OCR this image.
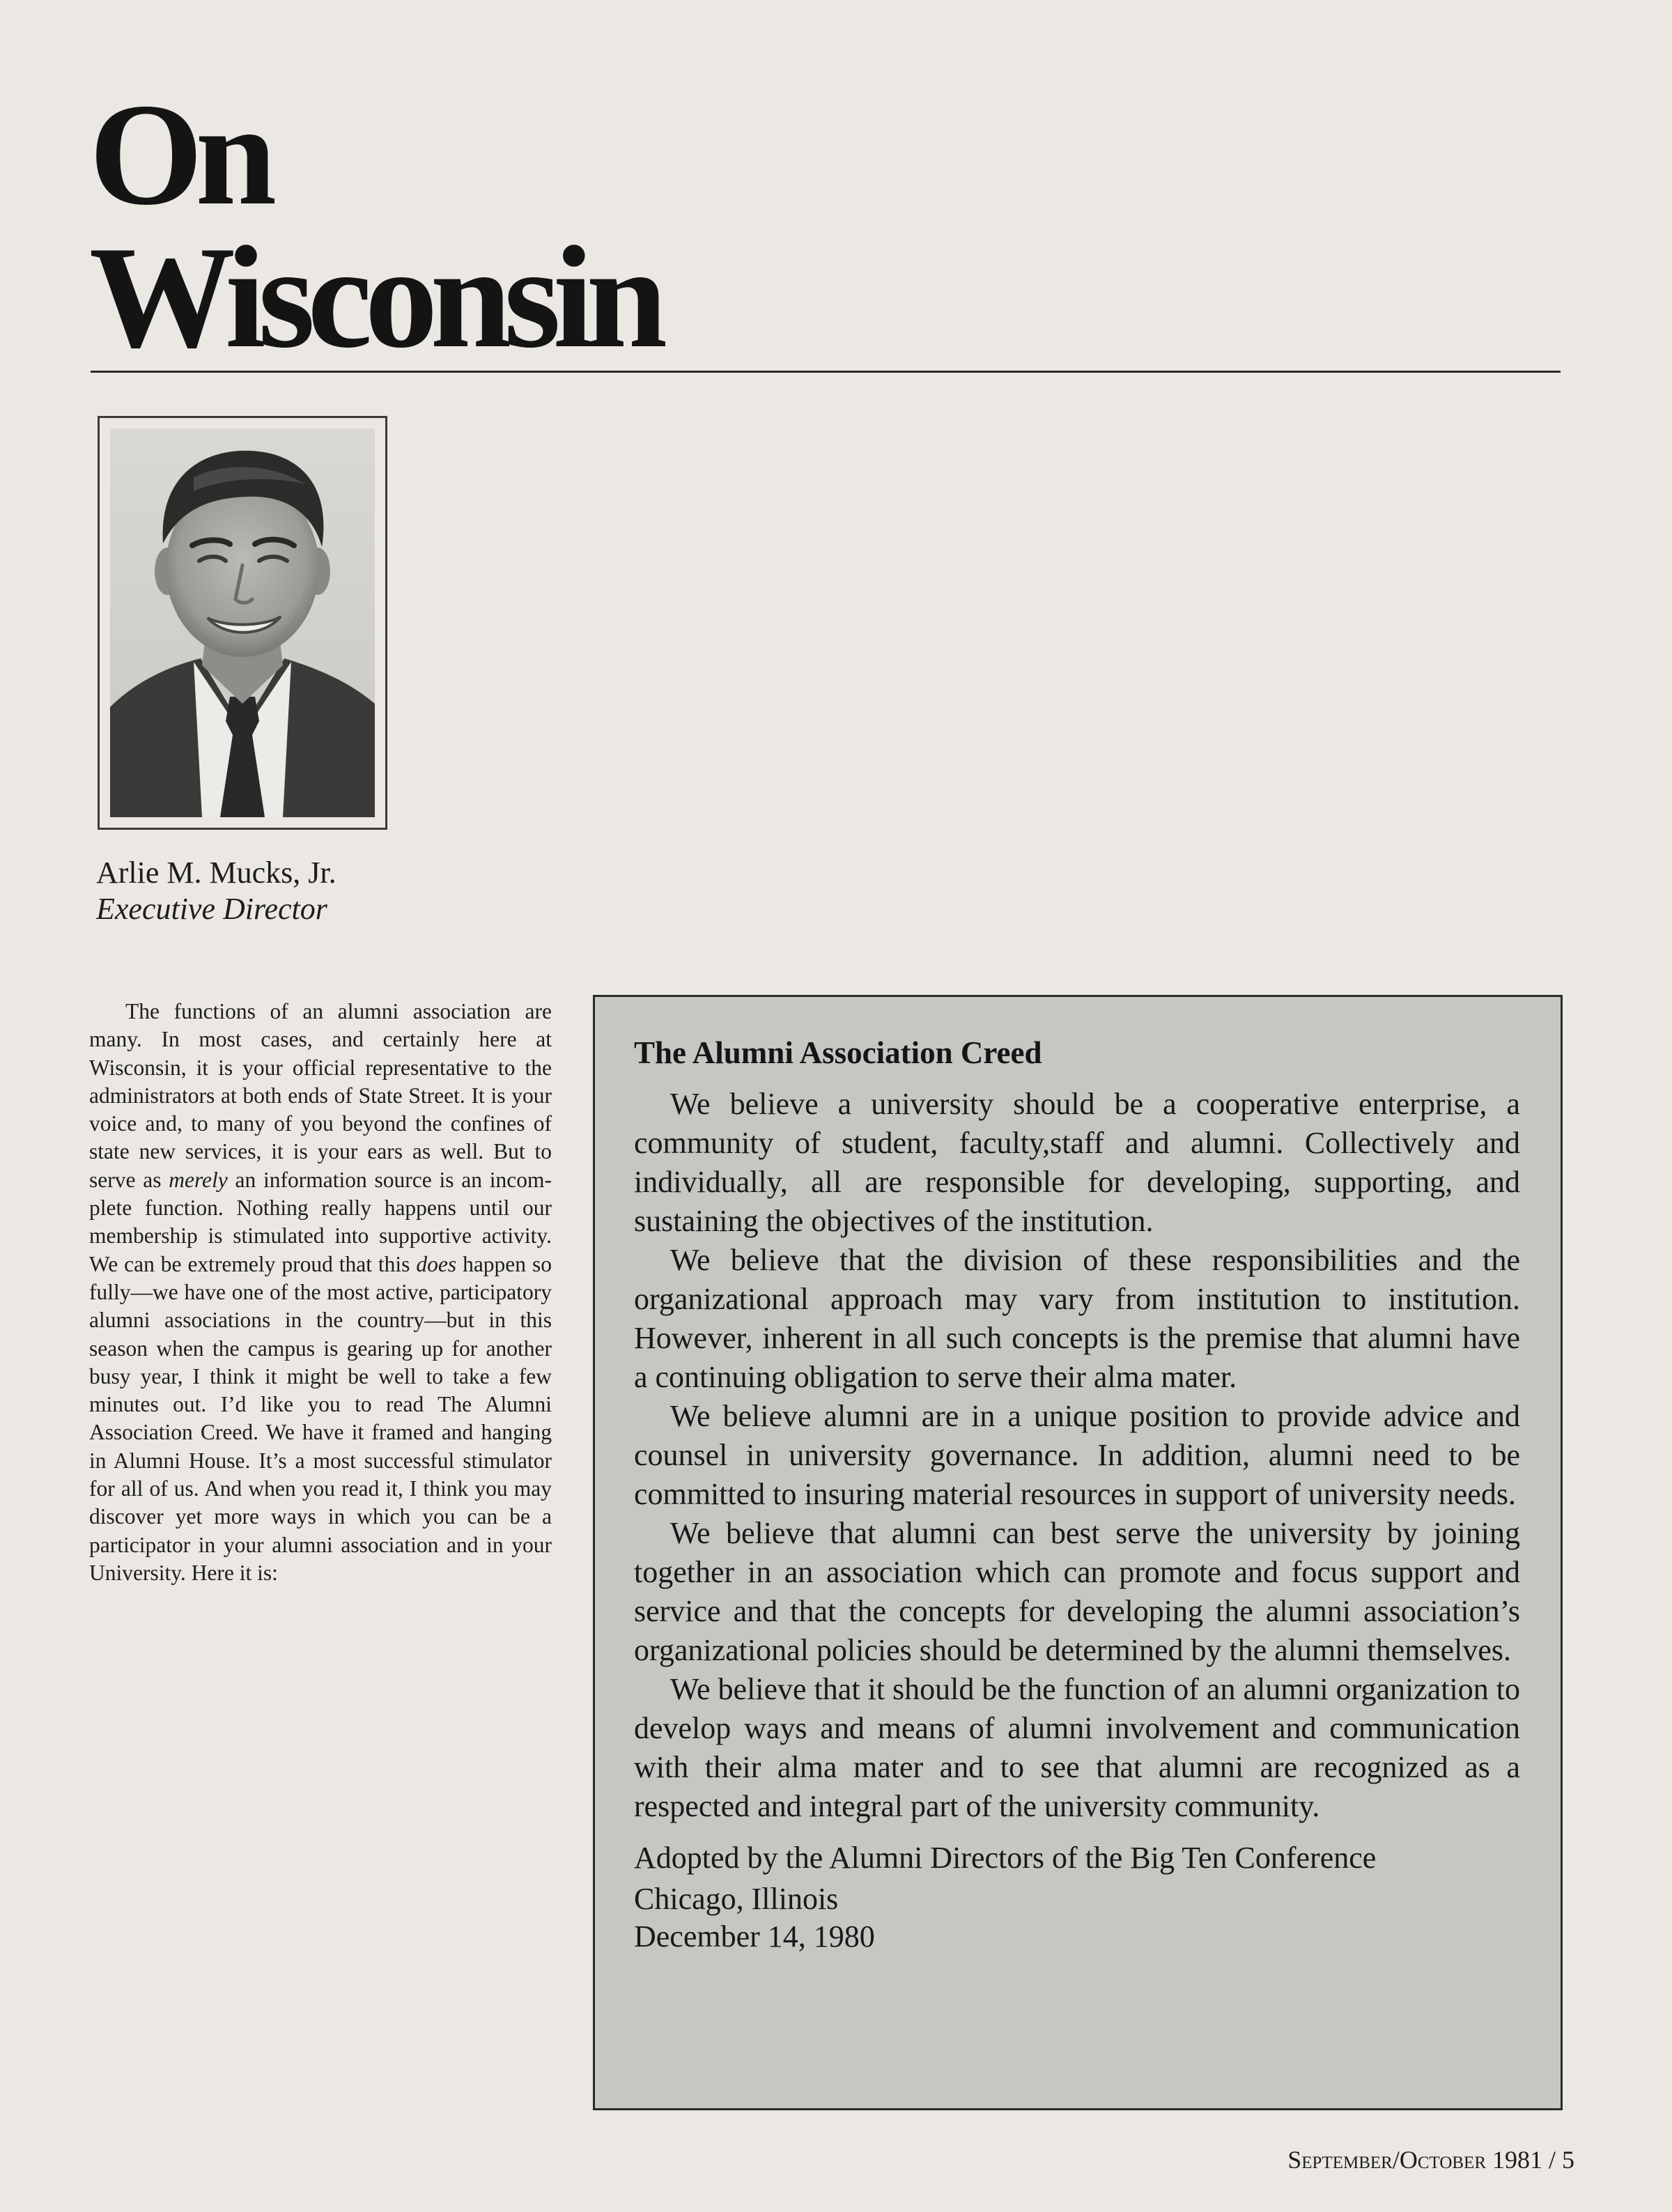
On
Wisconsin
Arlie M. Mucks, Jr.
Executive Director

The functions of an alumni association are many. In most cases, and certainly here at Wisconsin, it is your official representative to the administrators at both ends of State Street. It is your voice and, to many of you beyond the confines of state new services, it is your ears as well. But to serve as merely an information source is an incomplete function. Nothing really happens until our membership is stimulated into supportive activity. We can be extremely proud that this does happen so fully—we have one of the most active, participatory alumni associations in the country—but in this season when the campus is gearing up for another busy year, I think it might be well to take a few minutes out. I’d like you to read The Alumni Association Creed. We have it framed and hanging in Alumni House. It’s a most successful stimulator for all of us. And when you read it, I think you may discover yet more ways in which you can be a participator in your alumni association and in your University. Here it is:

The Alumni Association Creed

We believe a university should be a cooperative enterprise, a community of student, faculty,staff and alumni. Collectively and individually, all are responsible for developing, supporting, and sustaining the objectives of the institution.

We believe that the division of these responsibilities and the organizational approach may vary from institution to institution. However, inherent in all such concepts is the premise that alumni have a continuing obligation to serve their alma mater.

We believe alumni are in a unique position to provide advice and counsel in university governance. In addition, alumni need to be committed to insuring material resources in support of university needs.

We believe that alumni can best serve the university by joining together in an association which can promote and focus support and service and that the concepts for developing the alumni association’s organizational policies should be determined by the alumni themselves.

We believe that it should be the function of an alumni organization to develop ways and means of alumni involvement and communication with their alma mater and to see that alumni are recognized as a respected and integral part of the university community.

Adopted by the Alumni Directors of the Big Ten Conference
Chicago, Illinois
December 14, 1980
September/October 1981 / 5
